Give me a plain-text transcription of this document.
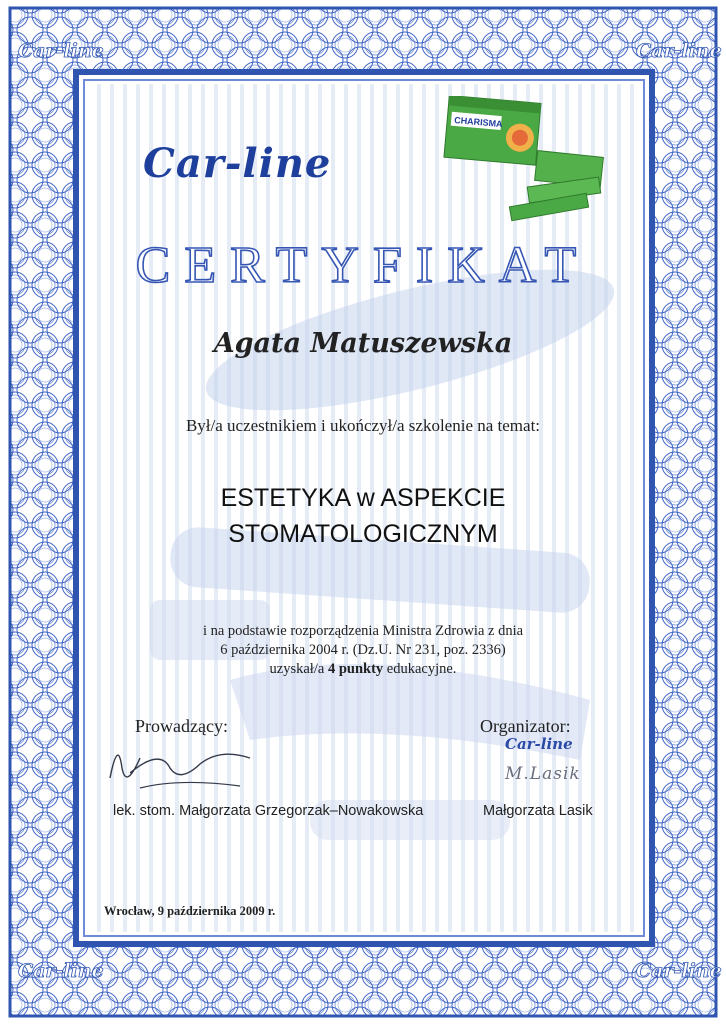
Car-line	Car-line
Car-line	Car-line
Car-line
CHARISMA
CERTYFIKAT
Agata Matuszewska
Był/a uczestnikiem i ukończył/a szkolenie na temat:
ESTETYKA w ASPEKCIE
STOMATOLOGICZNYM
i na podstawie rozporządzenia Ministra Zdrowia z dnia
6 października 2004 r. (Dz.U. Nr 231, poz. 2336)
uzyskał/a 4 punkty edukacyjne.
Prowadzący:
lek. stom. Małgorzata Grzegorzak–Nowakowska
Organizator:
Car-line
M.Lasik
Małgorzata Lasik
Wrocław, 9 października 2009 r.
